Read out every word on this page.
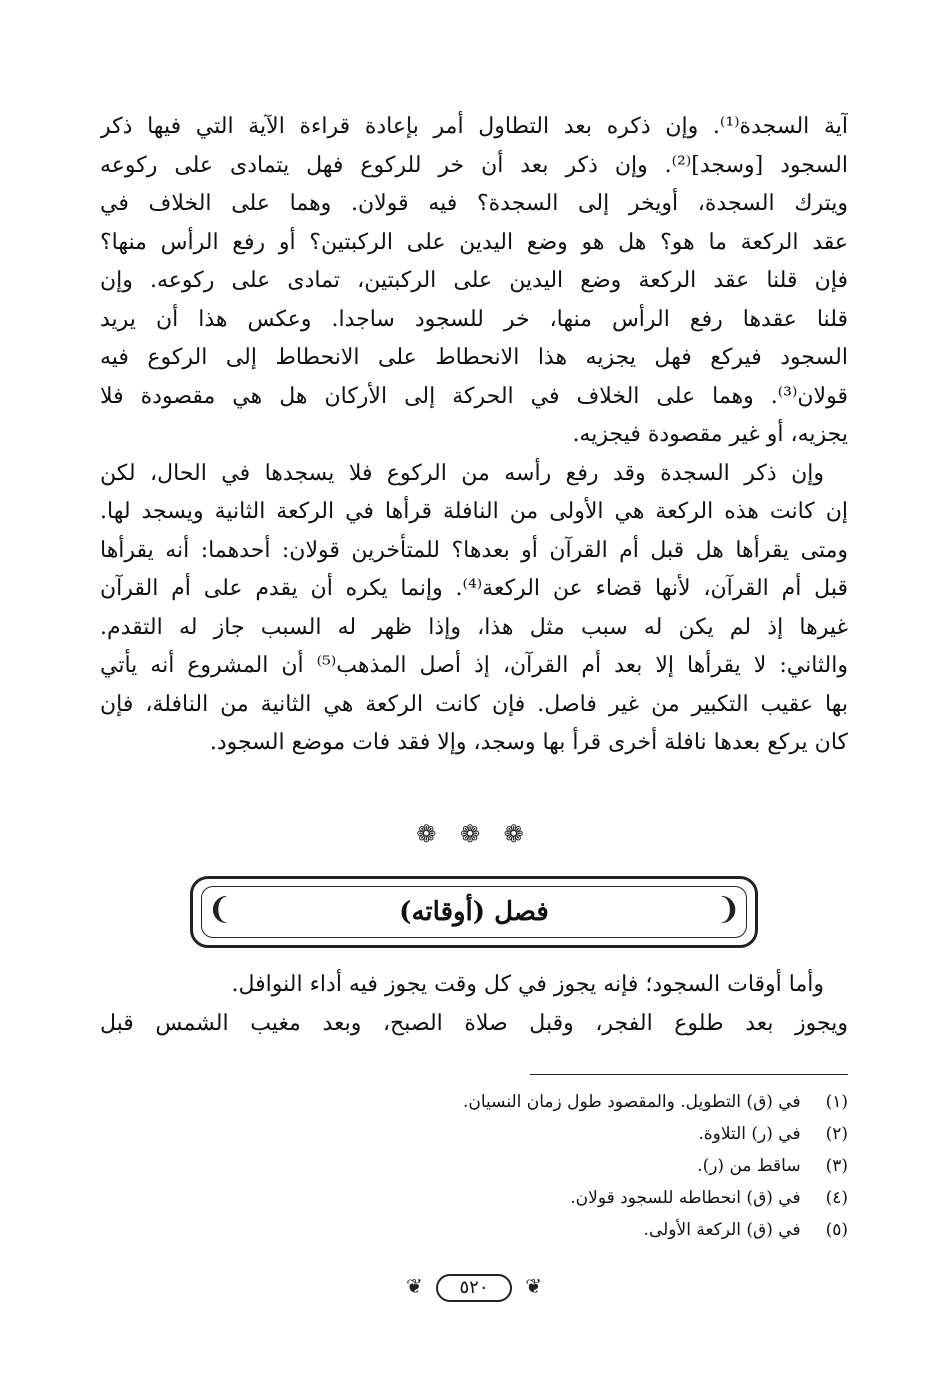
آية السجدة⁽¹⁾. وإن ذكره بعد التطاول أمر بإعادة قراءة الآية التي فيها ذكر
السجود [وسجد]⁽²⁾. وإن ذكر بعد أن خر للركوع فهل يتمادى على ركوعه
ويترك السجدة، أويخر إلى السجدة؟ فيه قولان. وهما على الخلاف في
عقد الركعة ما هو؟ هل هو وضع اليدين على الركبتين؟ أو رفع الرأس منها؟
فإن قلنا عقد الركعة وضع اليدين على الركبتين، تمادى على ركوعه. وإن
قلنا عقدها رفع الرأس منها، خر للسجود ساجدا. وعكس هذا أن يريد
السجود فيركع فهل يجزيه هذا الانحطاط على الانحطاط إلى الركوع فيه
قولان⁽³⁾. وهما على الخلاف في الحركة إلى الأركان هل هي مقصودة فلا
يجزيه، أو غير مقصودة فيجزيه.
وإن ذكر السجدة وقد رفع رأسه من الركوع فلا يسجدها في الحال، لكن
إن كانت هذه الركعة هي الأولى من النافلة قرأها في الركعة الثانية ويسجد لها.
ومتى يقرأها هل قبل أم القرآن أو بعدها؟ للمتأخرين قولان: أحدهما: أنه يقرأها
قبل أم القرآن، لأنها قضاء عن الركعة⁽⁴⁾. وإنما يكره أن يقدم على أم القرآن
غيرها إذ لم يكن له سبب مثل هذا، وإذا ظهر له السبب جاز له التقدم.
والثاني: لا يقرأها إلا بعد أم القرآن، إذ أصل المذهب⁽⁵⁾ أن المشروع أنه يأتي
بها عقيب التكبير من غير فاصل. فإن كانت الركعة هي الثانية من النافلة، فإن
كان يركع بعدها نافلة أخرى قرأ بها وسجد، وإلا فقد فات موضع السجود.
❁ ❁ ❁
❨	❩
فصل (أوقاته)
وأما أوقات السجود؛ فإنه يجوز في كل وقت يجوز فيه أداء النوافل.
ويجوز بعد طلوع الفجر، وقبل صلاة الصبح، وبعد مغيب الشمس قبل
(١) في (ق) التطويل. والمقصود طول زمان النسيان.
(٢) في (ر) التلاوة.
(٣) ساقط من (ر).
(٤) في (ق) انحطاطه للسجود قولان.
(٥) في (ق) الركعة الأولى.
❦	٥٢٠	❦
